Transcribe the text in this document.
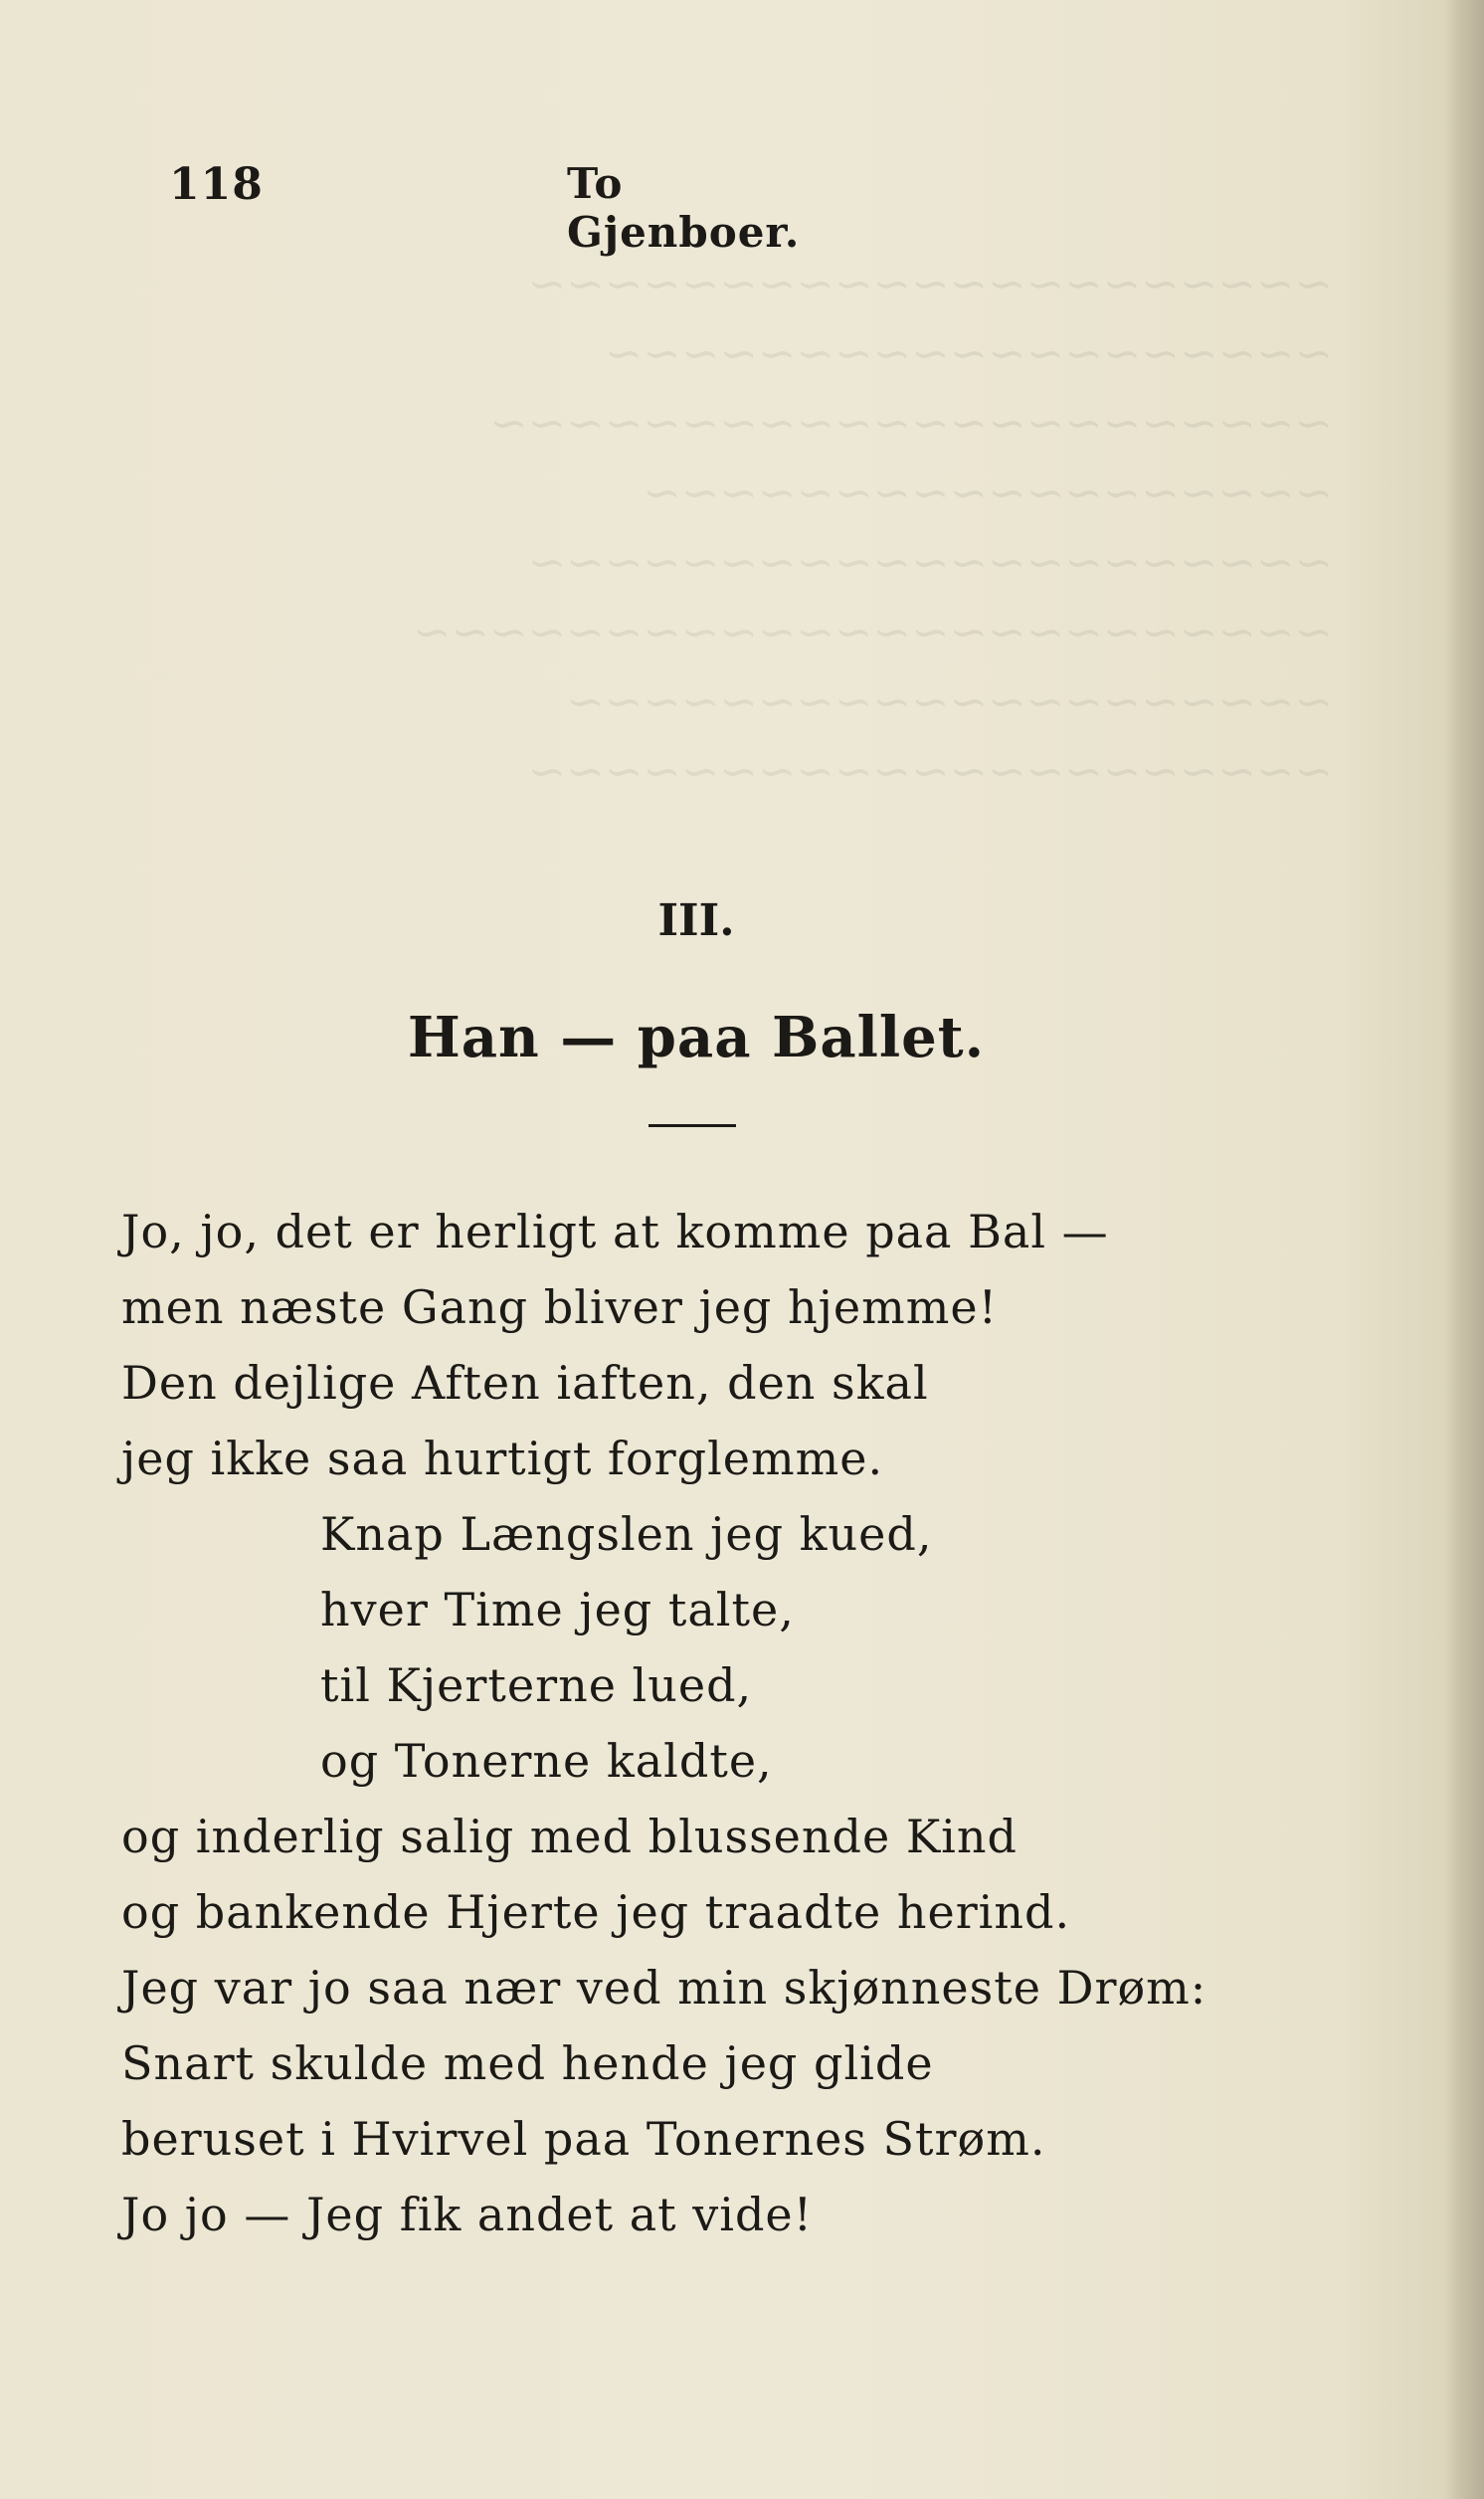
~~~~~~~~~~~~~~~~~~~~~
~~~~~~~~~~~~~~~~~~~
~~~~~~~~~~~~~~~~~~~~~~
~~~~~~~~~~~~~~~~~~
~~~~~~~~~~~~~~~~~~~~~
~~~~~~~~~~~~~~~~~~~~~~~~
~~~~~~~~~~~~~~~~~~~~
~~~~~~~~~~~~~~~~~~~~~
118	To Gjenboer.
III.
Han — paa Ballet.
Jo, jo, det er herligt at komme paa Bal —
men næste Gang bliver jeg hjemme!
Den dejlige Aften iaften, den skal
jeg ikke saa hurtigt forglemme.
Knap Længslen jeg kued,
hver Time jeg talte,
til Kjerterne lued,
og Tonerne kaldte,
og inderlig salig med blussende Kind
og bankende Hjerte jeg traadte herind.
Jeg var jo saa nær ved min skjønneste Drøm:
Snart skulde med hende jeg glide
beruset i Hvirvel paa Tonernes Strøm.
Jo jo — Jeg fik andet at vide!
